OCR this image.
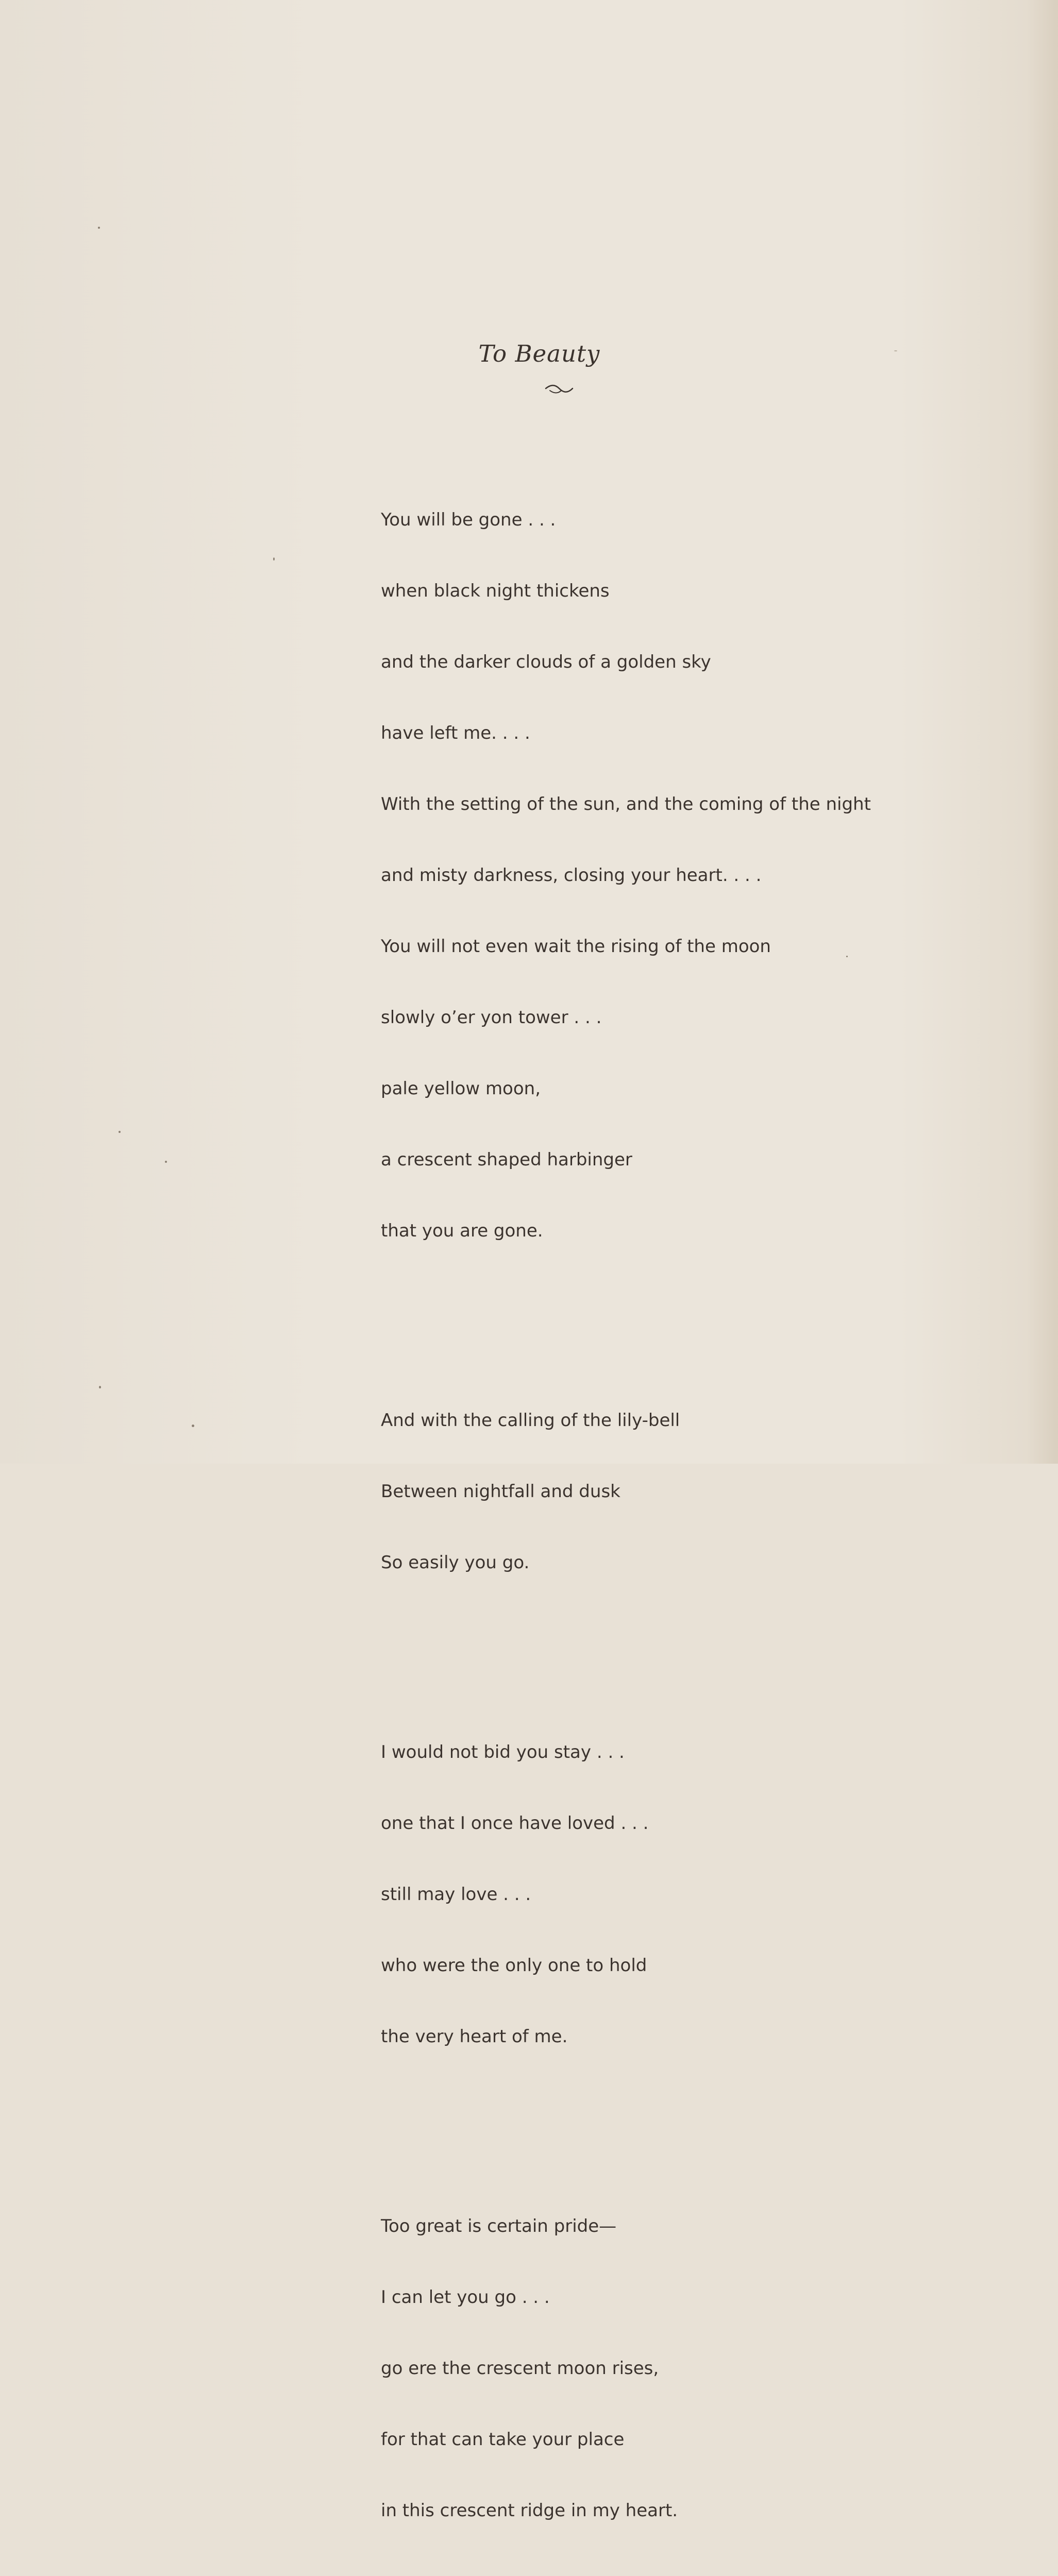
To Beauty

You will be gone . . .

when black night thickens

and the darker clouds of a golden sky

have left me. . . .

With the setting of the sun, and the coming of the night

and misty darkness, closing your heart. . . .

You will not even wait the rising of the moon

slowly o’er yon tower . . .

pale yellow moon,

a crescent shaped harbinger

that you are gone.

And with the calling of the lily-bell

Between nightfall and dusk

So easily you go.

I would not bid you stay . . .

one that I once have loved . . .

still may love . . .

who were the only one to hold

the very heart of me.

Too great is certain pride—

I can let you go . . .

go ere the crescent moon rises,

for that can take your place

in this crescent ridge in my heart.
